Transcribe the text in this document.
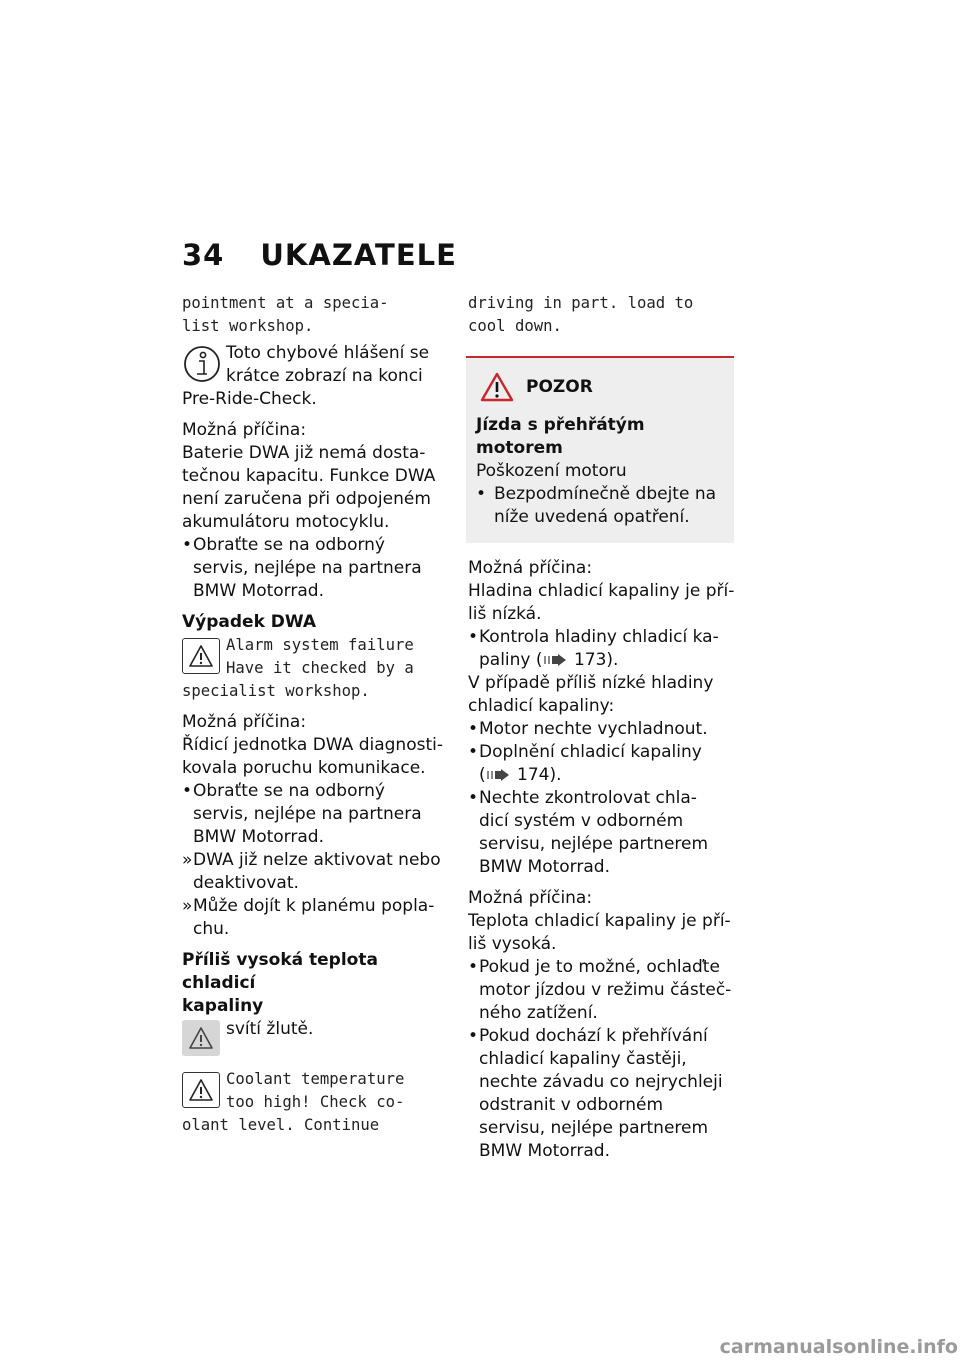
34 UKAZATELE
pointment at a specia-
list workshop.
Toto chybové hlášení se
krátce zobrazí na konci
Pre-Ride-Check.
Možná příčina:
Baterie DWA již nemá dosta-
tečnou kapacitu. Funkce DWA
není zaručena při odpojeném
akumulátoru motocyklu.
• Obraťte se na odborný
servis, nejlépe na partnera
BMW Motorrad.
Výpadek DWA
Alarm system failure
Have it checked by a
specialist workshop.
Možná příčina:
Řídicí jednotka DWA diagnosti-
kovala poruchu komunikace.
• Obraťte se na odborný
servis, nejlépe na partnera
BMW Motorrad.
» DWA již nelze aktivovat nebo
deaktivovat.
» Může dojít k planému popla-
chu.
Příliš vysoká teplota chladicí
kapaliny
svítí žlutě.
Coolant temperature
too high! Check co-
olant level. Continue
driving in part. load to
cool down.
POZOR
Jízda s přehřátým motorem
Poškození motoru
• Bezpodmínečně dbejte na
níže uvedená opatření.
Možná příčina:
Hladina chladicí kapaliny je pří-
liš nízká.
• Kontrola hladiny chladicí ka-
paliny ( 173).
V případě příliš nízké hladiny
chladicí kapaliny:
• Motor nechte vychladnout.
• Doplnění chladicí kapaliny
( 174).
• Nechte zkontrolovat chla-
dicí systém v odborném
servisu, nejlépe partnerem
BMW Motorrad.
Možná příčina:
Teplota chladicí kapaliny je pří-
liš vysoká.
• Pokud je to možné, ochlaďte
motor jízdou v režimu částeč-
ného zatížení.
• Pokud dochází k přehřívání
chladicí kapaliny častěji,
nechte závadu co nejrychleji
odstranit v odborném
servisu, nejlépe partnerem
BMW Motorrad.
carmanualsonline.info
